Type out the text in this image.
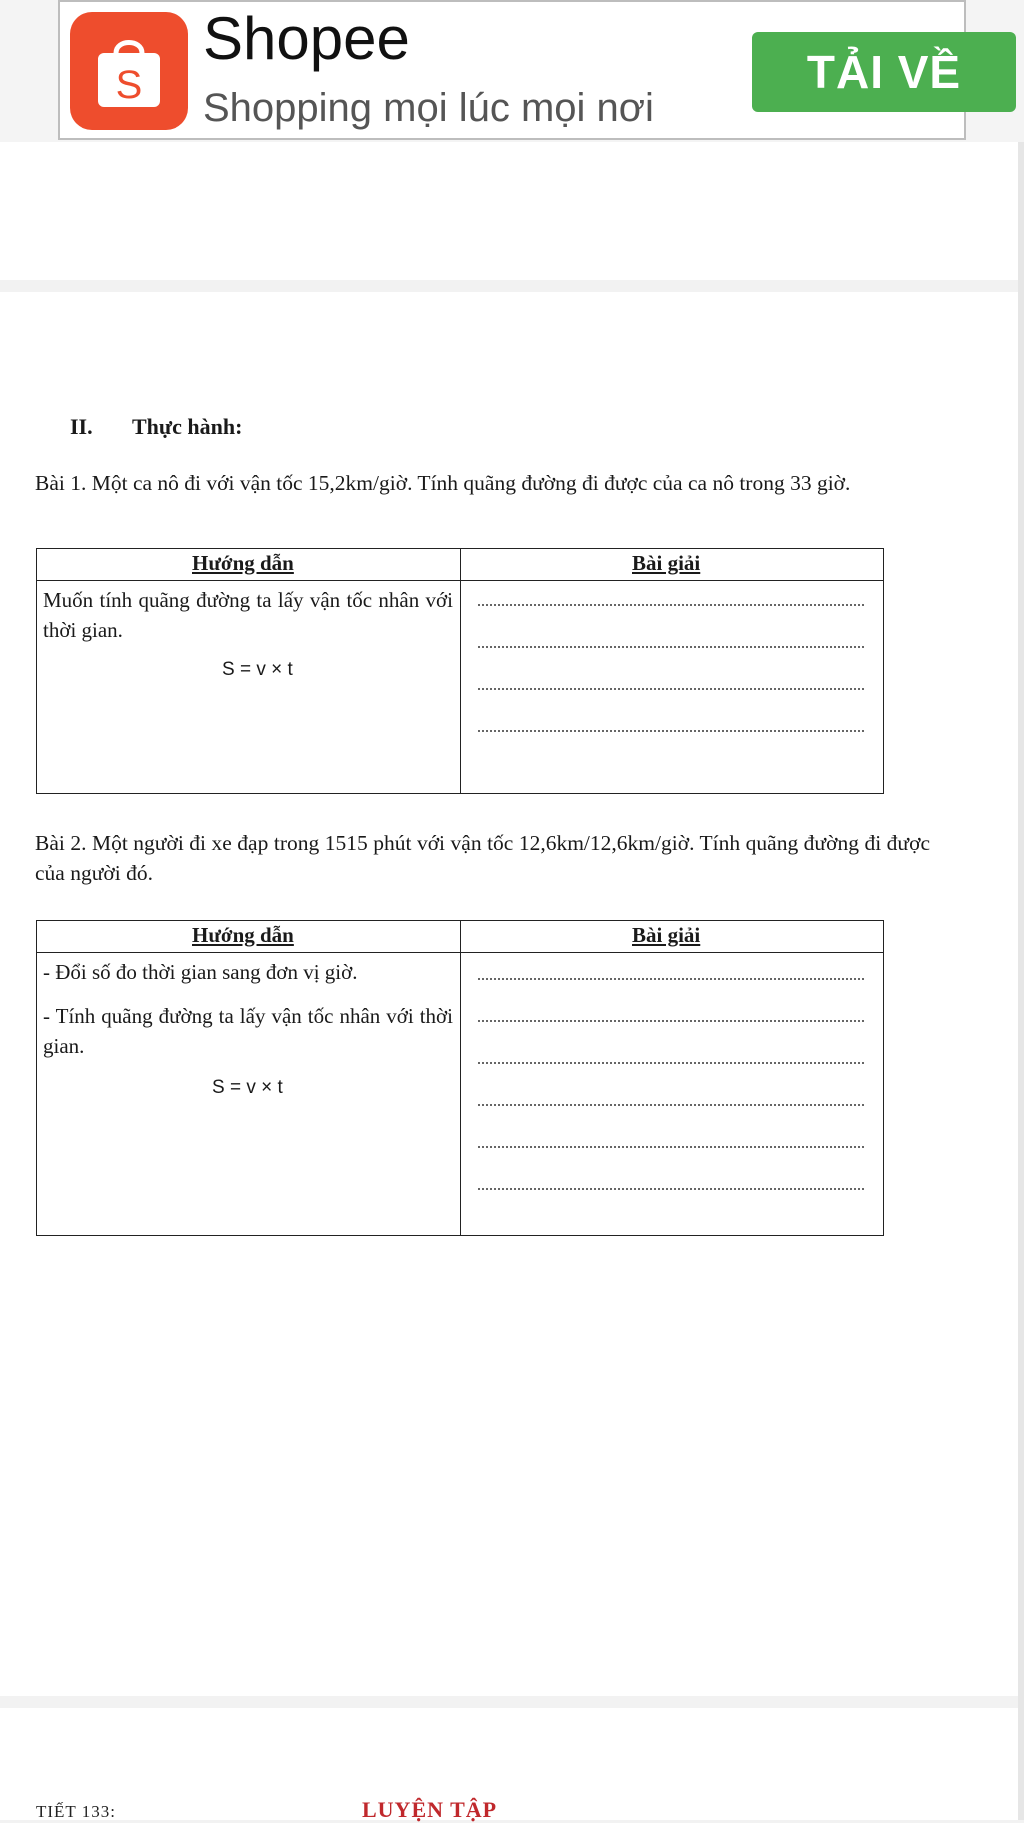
S
Shopee
Shopping mọi lúc mọi nơi
TẢI VỀ
II. Thực hành:
Bài 1. Một ca nô đi với vận tốc 15,2km/giờ. Tính quãng đường đi được của ca nô trong 33 giờ.
Hướng dẫn	Bài giải
Muốn tính quãng đường ta lấy vận tốc nhân với thời gian.
S = v × t
Bài 2. Một người đi xe đạp trong 1515 phút với vận tốc 12,6km/12,6km/giờ. Tính quãng đường đi được của người đó.
Hướng dẫn	Bài giải
- Đổi số đo thời gian sang đơn vị giờ.
- Tính quãng đường ta lấy vận tốc nhân với thời gian.
S = v × t
TIẾT 133:	LUYỆN TẬP
